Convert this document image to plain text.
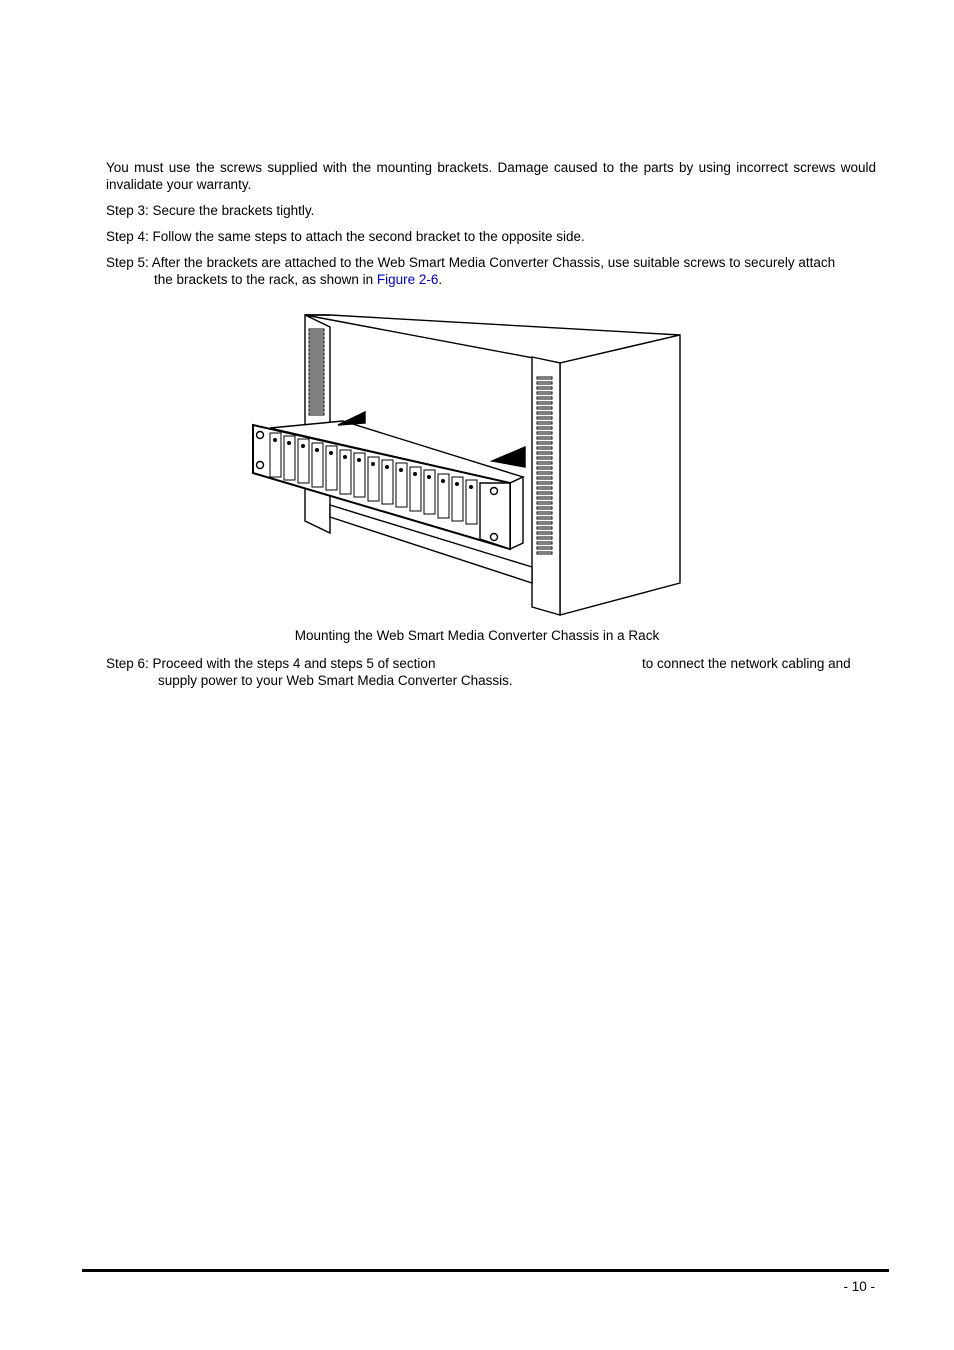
You must use the screws supplied with the mounting brackets. Damage caused to the parts by using incorrect screws would invalidate your warranty.

Step 3: Secure the brackets tightly.

Step 4: Follow the same steps to attach the second bracket to the opposite side.

Step 5: After the brackets are attached to the Web Smart Media Converter Chassis, use suitable screws to securely attach
the brackets to the rack, as shown in Figure 2-6.
Mounting the Web Smart Media Converter Chassis in a Rack
Step 6: Proceed with the steps 4 and steps 5 of section	to connect the network cabling and
supply power to your Web Smart Media Converter Chassis.
- 10 -
